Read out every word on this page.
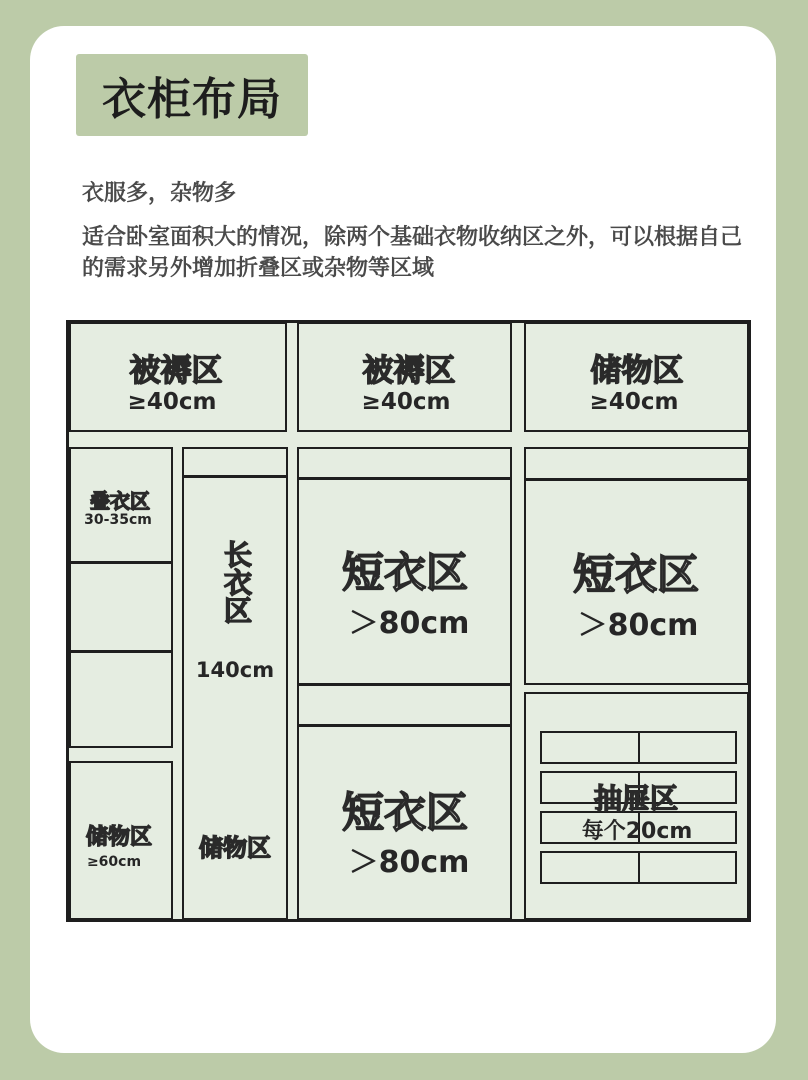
衣柜布局
衣服多，杂物多
适合卧室面积大的情况，除两个基础衣物收纳区之外，可以根据自己的需求另外增加折叠区或杂物等区域
被褥区
≥40cm
被褥区
≥40cm
储物区
≥40cm
叠衣区
30-35cm
长衣区
140cm
短衣区
＞80cm
短衣区
＞80cm
短衣区
＞80cm
储物区
≥60cm 储物区
抽屉区
每个20cm
